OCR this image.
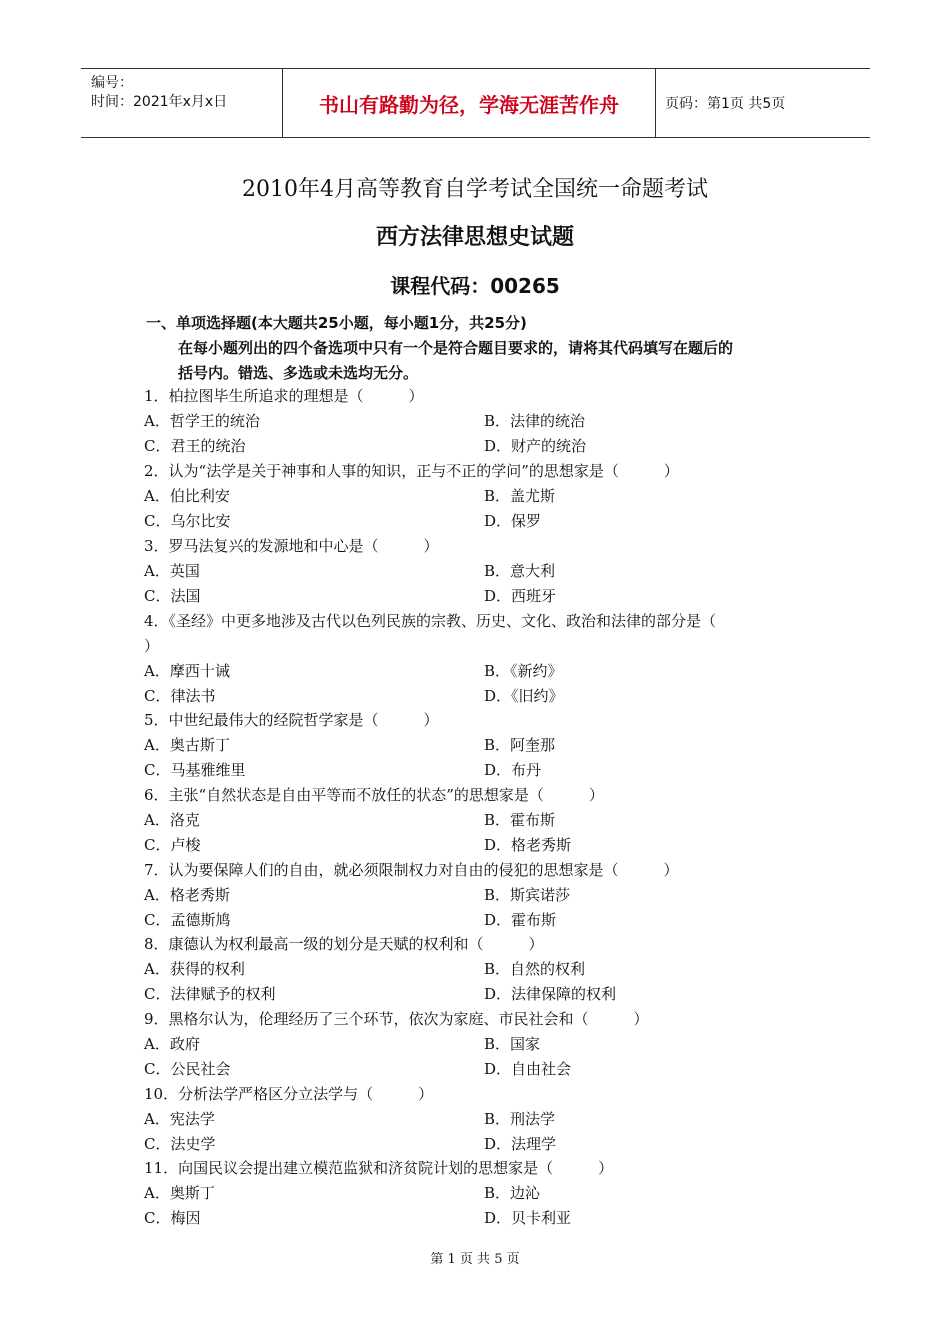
编号：
时间：2021年x月x日	书山有路勤为径，学海无涯苦作舟	页码：第1页 共5页
2010年4月高等教育自学考试全国统一命题考试
西方法律思想史试题
课程代码：00265
一、单项选择题(本大题共25小题，每小题1分，共25分)
在每小题列出的四个备选项中只有一个是符合题目要求的，请将其代码填写在题后的
括号内。错选、多选或未选均无分。
1．柏拉图毕生所追求的理想是（　　　）
A．哲学王的统治	B．法律的统治
C．君王的统治	D．财产的统治
2．认为“法学是关于神事和人事的知识，正与不正的学问”的思想家是（　　　）
A．伯比利安	B．盖尤斯
C．乌尔比安	D．保罗
3．罗马法复兴的发源地和中心是（　　　）
A．英国	B．意大利
C．法国	D．西班牙
4．《圣经》中更多地涉及古代以色列民族的宗教、历史、文化、政治和法律的部分是（
）
A．摩西十诫	B．《新约》
C．律法书	D．《旧约》
5．中世纪最伟大的经院哲学家是（　　　）
A．奥古斯丁	B．阿奎那
C．马基雅维里	D．布丹
6．主张“自然状态是自由平等而不放任的状态”的思想家是（　　　）
A．洛克	B．霍布斯
C．卢梭	D．格老秀斯
7．认为要保障人们的自由，就必须限制权力对自由的侵犯的思想家是（　　　）
A．格老秀斯	B．斯宾诺莎
C．孟德斯鸠	D．霍布斯
8．康德认为权利最高一级的划分是天赋的权利和（　　　）
A．获得的权利	B．自然的权利
C．法律赋予的权利	D．法律保障的权利
9．黑格尔认为，伦理经历了三个环节，依次为家庭、市民社会和（　　　）
A．政府	B．国家
C．公民社会	D．自由社会
10．分析法学严格区分立法学与（　　　）
A．宪法学	B．刑法学
C．法史学	D．法理学
11．向国民议会提出建立模范监狱和济贫院计划的思想家是（　　　）
A．奥斯丁	B．边沁
C．梅因	D．贝卡利亚
第 1 页 共 5 页
